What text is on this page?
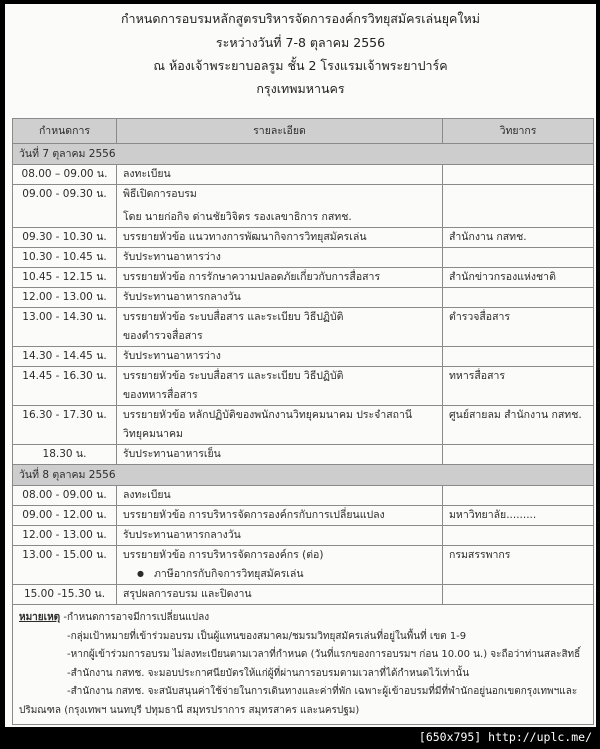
กำหนดการอบรมหลักสูตรบริหารจัดการองค์กรวิทยุสมัครเล่นยุคใหม่
ระหว่างวันที่ 7-8 ตุลาคม 2556
ณ ห้องเจ้าพระยาบอลรูม ชั้น 2 โรงแรมเจ้าพระยาปาร์ค
กรุงเทพมหานคร
กำหนดการ	รายละเอียด	วิทยากร
วันที่ 7 ตุลาคม 2556		
08.00 – 09.00 น.	ลงทะเบียน	

09.00 - 09.30 น.	พิธีเปิดการอบรม
โดย นายก่อกิจ ด่านชัยวิจิตร รองเลขาธิการ กสทช.	

09.30 - 10.30 น.	บรรยายหัวข้อ แนวทางการพัฒนากิจการวิทยุสมัครเล่น	สำนักงาน กสทช.
10.30 - 10.45 น.	รับประทานอาหารว่าง	

10.45 - 12.15 น.	บรรยายหัวข้อ การรักษาความปลอดภัยเกี่ยวกับการสื่อสาร	สำนักข่าวกรองแห่งชาติ
12.00 - 13.00 น.	รับประทานอาหารกลางวัน	

13.00 - 14.30 น.	บรรยายหัวข้อ ระบบสื่อสาร และระเบียบ วิธีปฏิบัติ
ของตำรวจสื่อสาร	ตำรวจสื่อสาร
14.30 - 14.45 น.	รับประทานอาหารว่าง	

14.45 - 16.30 น.	บรรยายหัวข้อ ระบบสื่อสาร และระเบียบ วิธีปฏิบัติ
ของทหารสื่อสาร	ทหารสื่อสาร
16.30 - 17.30 น.	บรรยายหัวข้อ หลักปฏิบัติของพนักงานวิทยุคมนาคม ประจำสถานี
วิทยุคมนาคม	ศูนย์สายลม สำนักงาน กสทช.
18.30 น.	รับประทานอาหารเย็น	

วันที่ 8 ตุลาคม 2556		
08.00 - 09.00 น.	ลงทะเบียน	

09.00 - 12.00 น.	บรรยายหัวข้อ การบริหารจัดการองค์กรกับการเปลี่ยนแปลง	มหาวิทยาลัย.........
12.00 - 13.00 น.	รับประทานอาหารกลางวัน	

13.00 - 15.00 น.	บรรยายหัวข้อ การบริหารจัดการองค์กร (ต่อ)
● ภาษีอากรกับกิจการวิทยุสมัครเล่น	กรมสรรพากร
15.00 -15.30 น.	สรุปผลการอบรม และปิดงาน	

หมายเหตุ -กำหนดการอาจมีการเปลี่ยนแปลง
-กลุ่มเป้าหมายที่เข้าร่วมอบรม เป็นผู้แทนของสมาคม/ชมรมวิทยุสมัครเล่นที่อยู่ในพื้นที่ เขต 1-9
-หากผู้เข้าร่วมการอบรม ไม่ลงทะเบียนตามเวลาที่กำหนด (วันที่แรกของการอบรมฯ ก่อน 10.00 น.) จะถือว่าท่านสละสิทธิ์
-สำนักงาน กสทช. จะมอบประกาศนียบัตรให้แก่ผู้ที่ผ่านการอบรมตามเวลาที่ได้กำหนดไว้เท่านั้น
-สำนักงาน กสทช. จะสนับสนุนค่าใช้จ่ายในการเดินทางและค่าที่พัก เฉพาะผู้เข้าอบรมที่มีที่พำนักอยู่นอกเขตกรุงเทพฯและ
ปริมณฑล (กรุงเทพฯ นนทบุรี ปทุมธานี สมุทรปราการ สมุทรสาคร และนครปฐม)
[650x795] http://uplc.me/
